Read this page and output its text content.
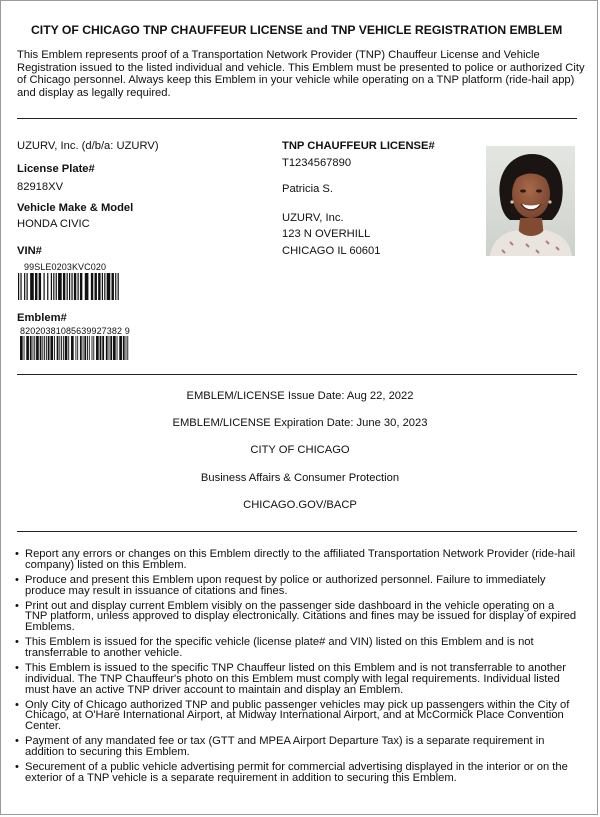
CITY OF CHICAGO TNP CHAUFFEUR LICENSE and TNP VEHICLE REGISTRATION EMBLEM
This Emblem represents proof of a Transportation Network Provider (TNP) Chauffeur License and Vehicle Registration issued to the listed individual and vehicle. This Emblem must be presented to police or authorized City of Chicago personnel. Always keep this Emblem in your vehicle while operating on a TNP platform (ride-hail app) and display as legally required.
UZURV, Inc. (d/b/a: UZURV)
License Plate#
82918XV
Vehicle Make & Model
HONDA CIVIC
VIN#
99SLE0203KVC020
Emblem#
82020381085639927382 9
TNP CHAUFFEUR LICENSE#
T1234567890
Patricia S.
UZURV, Inc.
123 N OVERHILL
CHICAGO IL 60601
EMBLEM/LICENSE Issue Date: Aug 22, 2022
EMBLEM/LICENSE Expiration Date: June 30, 2023
CITY OF CHICAGO
Business Affairs & Consumer Protection
CHICAGO.GOV/BACP
• Report any errors or changes on this Emblem directly to the affiliated Transportation Network Provider (ride-hail company) listed on this Emblem.
• Produce and present this Emblem upon request by police or authorized personnel. Failure to immediately produce may result in issuance of citations and fines.
• Print out and display current Emblem visibly on the passenger side dashboard in the vehicle operating on a TNP platform, unless approved to display electronically. Citations and fines may be issued for display of expired Emblems.
• This Emblem is issued for the specific vehicle (license plate# and VIN) listed on this Emblem and is not transferrable to another vehicle.
• This Emblem is issued to the specific TNP Chauffeur listed on this Emblem and is not transferrable to another individual. The TNP Chauffeur's photo on this Emblem must comply with legal requirements. Individual listed must have an active TNP driver account to maintain and display an Emblem.
• Only City of Chicago authorized TNP and public passenger vehicles may pick up passengers within the City of Chicago, at O'Hare International Airport, at Midway International Airport, and at McCormick Place Convention Center.
• Payment of any mandated fee or tax (GTT and MPEA Airport Departure Tax) is a separate requirement in addition to securing this Emblem.
• Securement of a public vehicle advertising permit for commercial advertising displayed in the interior or on the exterior of a TNP vehicle is a separate requirement in addition to securing this Emblem.
